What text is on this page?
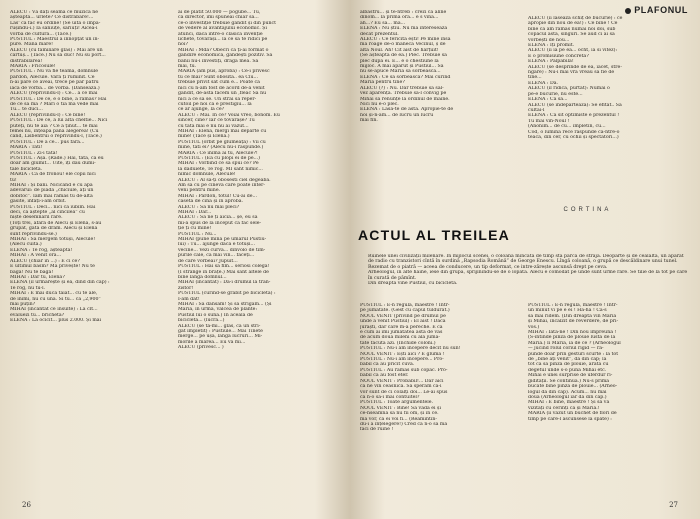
ALECU : Vă dați seama ce muzică ne
așteaptă... urlete? Ce distrăbare!...
Las' că fac eu ordine! (Se uită o împă-
rușindu-i.) Ia săniuțe, săriuți! Aicea-i
vorba de cultura... (Tace.)
PUSTIUL : Maestrul a înnopțat un în-
pure. Mană mare!
ALECU (cu familiare glas) : Mai are un
cartuș... (Tace.) Nu să duc! Nu su port...
distrăbilarea!
MARIA : Fricosule!
PUSTIUL : Nu vă fie teamă, domnule
pardon, Alecule. Vara ți ruminit. Ce
n-ai pare ce aveai, trece pe par patru
iacă de vorba... de vorbă. (Dansează.)
ALECU (reprivindu-l) : Ce... a ce mai
PUSTIUL : De ce, e o bine, a rămas? Hai
de ce să mă ? Mari o tia mă vede mai
Tu... te duci...
ALECU (reprivindu-l) : Ce bine!
PUSTIUL : De ce, a lui alta cheltie... Nici
puteți, nu te aia ? Ce a ținut... te mai
femei nu, înțeapă până alegerea! (Cu
când, Lisbentrui o reprivindu-l, (Tace.)
PUSTIUL : De a ce... pus fără...
MARIA : Tati!
PUSTIUL : Zi-i tata!
PUSTIUL : Așa. (Râde.) Hai, tată, că eu
doar am glumit... Uite, îți dau dumi-
tale bicicleta.
MARIA : Că de fronou! ele copii nici
tu!
MIHAI : Și bani. Nicicând e cu apa
adevărul: de piadă „chiciule, ați un
dobitoc”. Iam mai rămas tu de-alta
găsite, înfăți-i-am orbit.
PUSTIUL : Deci... nici că iubim. Hai
deci, că aștepte „al cincilea” cu
niște desemnăril rare.
(Toți trei, afară de Alecu și Elena, s-au
grupat, gata de dram. Alecu și Elena
sunt reprivindu-se.)
MIHAI : Să mergem totuși, Alecule!
(Alecu cuită.)
ELENA : Te rog, așteaptă!
MIHAI : A venit ora...
ALECU (chiar în ...) : E ci ce?
E ultimul basm? Mă privește! Nu te
bagă! Nu te bagă!
MIHAI : Dar tu, Elena?
ELENA (îl urmărește și ea, dind din cap) :
Te rog, nu tu-l.
MIHAI : E mai ducă tăiat... cu te ale,
de inimi, nu cu una. Si tu... ca „2,900”
mai puțin?
MIHAI (încântat ce insulte) : La clt...
evaluezi tu... bricheta?
ELENA : La ocicit... plus 2.000. Și mai
ai de plătit 50.000 — pogube... Tu,
ca director, îmi spuneai chiar să...
ce-o investiție trebuie gândit și din punct
de vedere al avantajului economic. Și
atunci, dacă între-o clasică invenție
lichete, tovarăși... la ce să te ridici pe
noi?
MIHAI : Mda? Obecri că ți-ai format o
gândire economică, gândești pozitiv. Sa
bănii nu-i investiți, draga mea. Să
mai, tu.
MARIA (am pus, aprobă) : Ce-i privesc
tu ce mai? Sunt obosită.. ea Clu...
trebuie privit săt cum e... Poate că
nici cu n-am fost de acord de-a venit
gândit, de-asta facem un ,fleac Să nu
nici a ce să se. Un strai să reper-
cutoil pe noi că e prestigiu... la
ce ar ajunge, la ce?
ALECU : Mai. In ce? Voiai vreo, bonom. Eu
sincer, cine? Iar ce tovarășe? Tu
cu tată mai e nu nu ai văzut...
MIHAI : Elena, mergi mai departe cu
mine! (Tace și Elena.)
PUSTIUL (orbit pe glumeață) : Vii cu
mine, tati ei? (Alecu nu-i răspunde.)
MARIA : Ce inimă ai tu, Alecule?!
PUSTIUL : (Ea cu plopi ei de pe...)
MIHAI : Vorbind ce să spui ce? Pe
la dăduiete, Te rog. MI sânt nimic...
nimic domnule, Alecule!
ALECU : Al să-ți obosesti ciel degeaba.
Am să cu pe cineva care poate inter-
veni pentru mine.
MIHAI : Pardon, totul! Cu-ai de...
caseta de cina și în aprobă.
ALECU : Să nu mai pleci?
MIHAI : Dar...
ALECU : Să ne ți aicia... șe, eu să
mi-a spus de la început că fac sele-
ție ți cu mine!
PUSTIUL : Nu...
MIHAI (pune mina pe umărul Pustiu-
lui) : Tu... ajunge dacă e totuși...
vecine... Vezi curva... dinvolo de tim-
purile cale, că mai vin... faceți...
de care vorbeai? Jupuit...
PUSTIUL : Hai să fim... seriosi colega!
(I strânge în brațe.) Mai sânt altele de
bine lângă domnul...
MIHAI (incântat) : Da-i drumul la tran-
zistor!
PUSTIUL (curind-se grăbit pe bicicletă) :
I-am dat!
MIHAI : Să dansăm! Și să strigăm... (Și
Maria, în urmă, vâlcea de plante:
Pustiul lui o sună.) In aceală de
bicicletă... (lucră...)
ALECU (se ta-mi... glas, ca un stri-
găt împletit) : Pustiule... Măi Tinete
merge... pe ușa, lângă lucruri... Mi-
morile a marea... Eu va mi...
ALECU (privesc... )
26
PLAFONUL
albastru... și te-ntreb : crezi că aline
dinom... la prima oră... e s vină...
ah...? Eu să... mă...
ELENA : Nu știu. Nu mă interesează
decât prezentul.
ALECU : Ce fericită ești! Pe mine însă
mă roage de-o mânecă Vecinul, ș de
alta Noul. Ah! Cit aist de hărțuit!
(Se așteaptă de ea.) Plec. Trebuie să
plec după ei. E... e o chestiune la
mijloc. A mai apărut și Pustiul... Să
nu se-apuce Maria să sorbească...
ELENA : Ce să sorbească? Mai curind
Maria pentru tine?
ALECU (?) : Nu. Dar trebuie să sal-
vez aparență. Trebuie să-l convig pe
Mihai să renunțe la ordinul de mâine.
Nici nu e-o plec.
ELENA : Lasă-te de asta. Apropie-te de
noi și-n-am... de lucru un lucru
mai fin.
ALECU (îi lasează schiț de bucurie) : ce
apropie din nou de ea!) : Ce bine ! Ce
bine că am rămas numai noi doi, sub
copacul ăsta, singuri. Se aud ci ai să
vorbești de nou...
ELENA : Îți promit.
ALECU (îi ia pe ea... ocht, ia si vitez):
E o promisiune concretă?
ELENA : Palpabilă!
ALECU (se desprinde de ea, iacet, stre-
ngare) : Nu-i mai vra vreau să fie de
tine...
ELENA : Da.
ALECU (îl ridica, purtat): Numai o
pe-e bucurie, nu este...
ELENA : Ca să...
ALECU (se indepărtează): Se efitat.. Să
cultăi-l
ELENA : Că sit optimiste e prezentul !
Tu mai vin-Noul !
(Anonim... de cu... împletin, cu...
Cod, o lumină rece răspunde ca-ntre-o
teacă, din cer, cu ochii și spectatori...)
CORTINA
ACTUL AL TREILEA
Ruinele unei civilizații milenare. In mijlocul scenei, o coloană mincată de timp stă parcă de strajă. Deoparte și de cealaltă, un aparat de radio cu tranzistori cîntă în surdină „Rapsodia Română” de George Enescu. Lîngă coloană, o grupă ce descăldinare unui tunel. Rezemat de o piatră — aceea de conducere, un tip deformat, ce intre-zărește ascunsă drept pe ceva.
Arheologul, în alte haine, iese din grupă, sprijinindu-se de o lopată. Alecu e comodat pe unde sunt urme rare. Se tilie de la tot pe care în curată de pămînt.
Din dreapta vine Pustiul, cu bicicleta.
PUSTIUL : E-n regulă, maestre ! Intr-
pe jumătate. (Gest cu capul tuldurat.)
NOUL VENIT (privind pe drumul pe
unde a venit Pustiul) : El aist ! Dacă
juraști, dar care m-a pereche. E ca
e cum ai îmi jumătatea asta de vas
de acum două mileni cu ăla jumă-
tate făcută azi. (Închide coloni.)
PUSTIUL : Nu-i am începere decit nu sun!
NOUL VENIT : Ești aici ? E glumă !
PUSTIUL : Nu-i am începere... Pro-
babil că au pricit cuva.
PUSTIUL : Au rămas sub copac. Pro-
babil că au fost eter.
NOUL VENIT : Probabil!... Dar aici
că ne vin ceasnică. Să sperăm că-i
vor sunt de ci colalți doi... Le-ai spus
că n-o să-i mai contuitel?
PUSTIUL : Toate argumentele.
NOUL VENIT : Bine! Să vadă ei și
ce-nseamnă să nu fii om, și în ce.
mă vor, ca ei voi fi... (Reamintin-
du-i a înțelegere!) Cred că n-o să mă
faci de ruine !
PUSTIUL : E-n regulă, maestre ! Intr-
un minut vi pe e ei ! Ha-ha ! Ca-s
să mai ridem. (Din dreapta vin Maria
și Mihai, încălzit de reverdere, de pri-
vos.)
MIHAI : Iată-ne ! Din nou împreună !
(S-întinde pînza de plouie lustă de la
Maria.) Ii Maria, ia de ce ? (Arheologul
— jucind rolul coriul rigid — ră-
punde doar prin gesturi scurte : la tot
de „bine ați venit”, dă din cap; la
tot ca să pînza de plouie, arată cu
degetul unde s-o pună Mihai etc.
Mihai e unei surprise de uferdur ri-
gidității. Se continuă.) Nu-s prima
bucate bine pînza de plouie... (Arheo-
logul dă din cap). Acum... nu mai
doua (Arheologul iar dă din cap.)
MIHAI : E bine, maestre ! Și să vă
vizitați cu cerinți ca și Maria.!
MARIA (îi văzut un buchet de flori de
timp pe care-l ascunsese la spate) :
27
